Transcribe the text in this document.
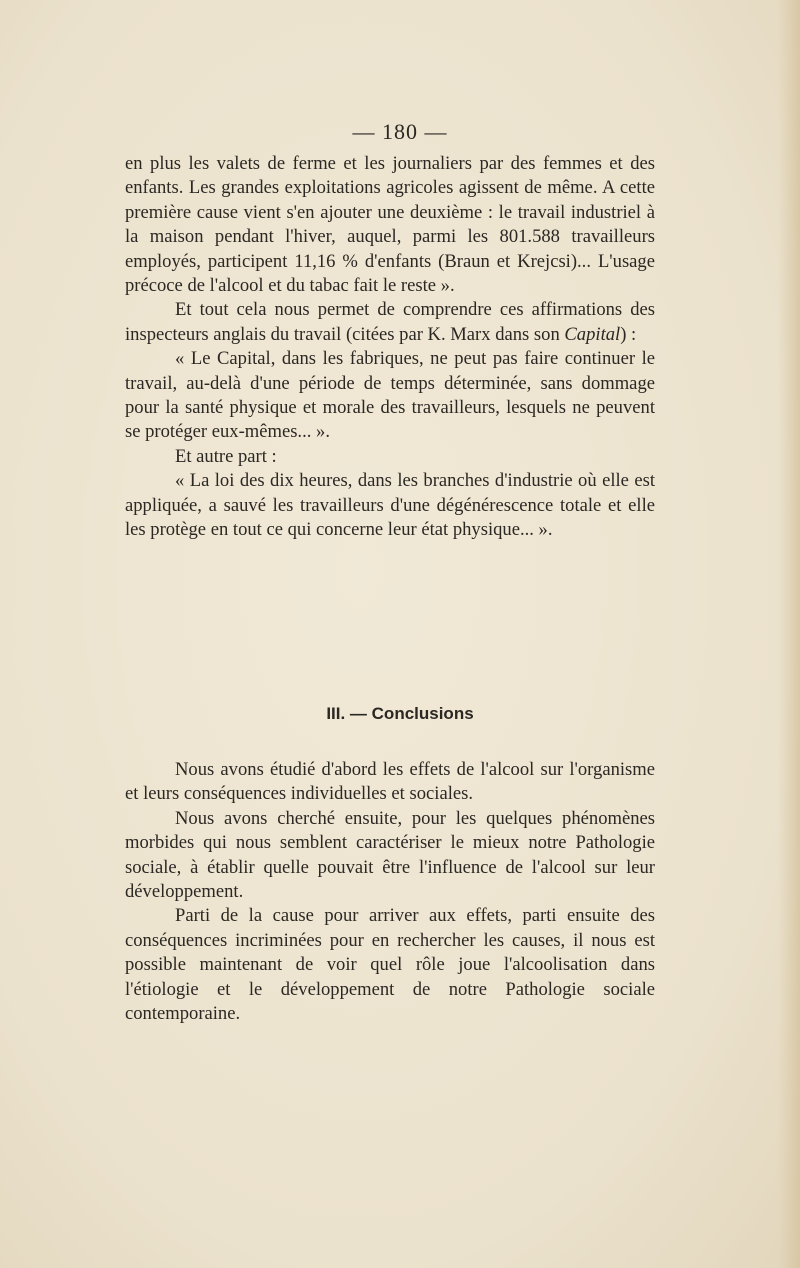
— 180 —

en plus les valets de ferme et les journaliers par des femmes et des enfants. Les grandes exploitations agricoles agissent de même. A cette première cause vient s'en ajouter une deuxième : le travail industriel à la maison pendant l'hiver, auquel, parmi les 801.588 travailleurs employés, participent 11,16 % d'enfants (Braun et Krejcsi)... L'usage précoce de l'alcool et du tabac fait le reste ».

Et tout cela nous permet de comprendre ces affirmations des inspecteurs anglais du travail (citées par K. Marx dans son Capital) :

« Le Capital, dans les fabriques, ne peut pas faire continuer le travail, au-delà d'une période de temps déterminée, sans dommage pour la santé physique et morale des travailleurs, lesquels ne peuvent se protéger eux-mêmes... ».

Et autre part :

« La loi des dix heures, dans les branches d'industrie où elle est appliquée, a sauvé les travailleurs d'une dégénérescence totale et elle les protège en tout ce qui concerne leur état physique... ».

III. — Conclusions

Nous avons étudié d'abord les effets de l'alcool sur l'organisme et leurs conséquences individuelles et sociales.

Nous avons cherché ensuite, pour les quelques phénomènes morbides qui nous semblent caractériser le mieux notre Pathologie sociale, à établir quelle pouvait être l'influence de l'alcool sur leur développement.

Parti de la cause pour arriver aux effets, parti ensuite des conséquences incriminées pour en rechercher les causes, il nous est possible maintenant de voir quel rôle joue l'alcoolisation dans l'étiologie et le développement de notre Pathologie sociale contemporaine.
